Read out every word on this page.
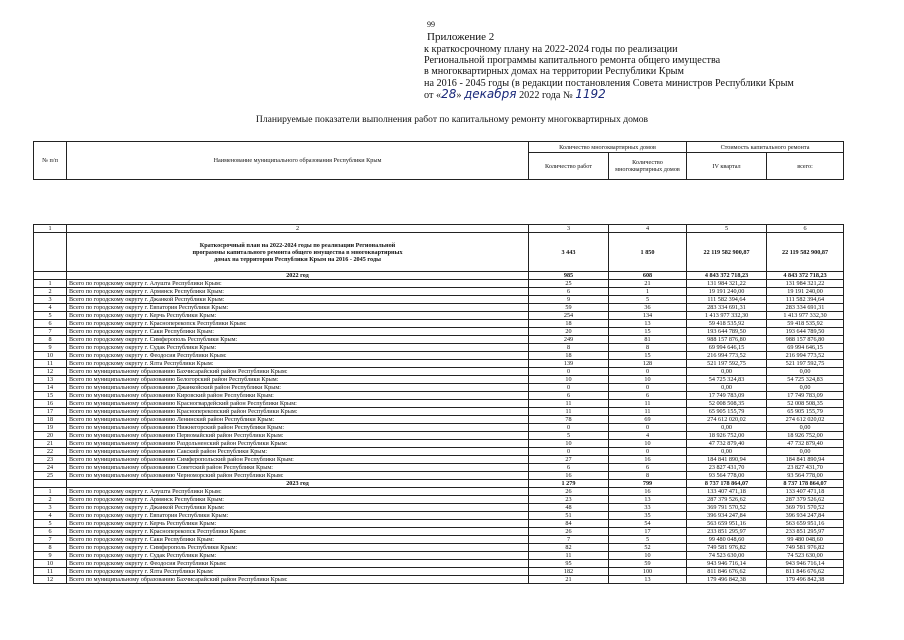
99
Приложение 2
к краткосрочному плану на 2022-2024 годы по реализации
Региональной программы капитального ремонта общего имущества
в многоквартирных домах на территории Республики Крым
на 2016 - 2045 годы (в редакции постановления Совета министров Республики Крым
от «28» декабря 2022 года № 1192
Планируемые показатели выполнения работ по капитальному ремонту многоквартирных домов
№ п/п	Наименование муниципального образования Республики Крым	Количество многоквартирных домов		Стоимость капитального ремонта	
		Количество работ	Количество многоквартирных домов	IV квартал	всего:

1	2	3	4	5	6
	Краткосрочный план на 2022-2024 годы по реализации Региональной программы капитального ремонта общего имущества в многоквартирных домах на территории Республики Крым на 2016 - 2045 годы	3 443	1 850	22 119 582 900,87	22 119 582 900,87
	2022 год	985	608	4 843 372 718,23	4 843 372 718,23
1	Всего по городскому округу г. Алушта Республики Крым:	25	21	131 984 321,22	131 984 321,22
2	Всего по городскому округу г. Армянск Республики Крым:	6	1	19 191 240,00	19 191 240,00
3	Всего по городскому округу г. Джанкой Республики Крым:	9	5	111 582 394,64	111 582 394,64
4	Всего по городскому округу г. Евпатория Республики Крым:	59	36	283 334 691,31	283 334 691,31
5	Всего по городскому округу г. Керчь Республики Крым:	254	134	1 413 977 332,30	1 413 977 332,30
6	Всего по городскому округу г. Красноперекопск Республики Крым:	18	13	59 418 535,92	59 418 535,92
7	Всего по городскому округу г. Саки Республики Крым:	20	15	193 644 789,50	193 644 789,50
8	Всего по городскому округу г. Симферополь Республики Крым:	249	81	988 157 876,80	988 157 876,80
9	Всего по городскому округу г. Судак Республики Крым:	8	8	69 994 646,15	69 994 646,15
10	Всего по городскому округу г. Феодосия Республики Крым:	18	15	216 994 773,52	216 994 773,52
11	Всего по городскому округу г. Ялта Республики Крым:	139	128	521 197 592,75	521 197 592,75
12	Всего по муниципальному образованию Бахчисарайский район Республики Крым:	0	0	0,00	0,00
13	Всего по муниципальному образованию Белогорский район Республики Крым:	10	10	54 725 324,83	54 725 324,83
14	Всего по муниципальному образованию Джанкойский район Республики Крым:	0	0	0,00	0,00
15	Всего по муниципальному образованию Кировский район Республики Крым:	6	6	17 749 783,09	17 749 783,09
16	Всего по муниципальному образованию Красногвардейский район Республики Крым:	11	11	52 008 508,35	52 008 508,35
17	Всего по муниципальному образованию Красноперекопский район Республики Крым:	11	11	65 905 155,79	65 905 155,79
18	Всего по муниципальному образованию Ленинский район Республики Крым:	78	69	274 612 020,02	274 612 020,02
19	Всего по муниципальному образованию Нижнегорский район Республики Крым:	0	0	0,00	0,00
20	Всего по муниципальному образованию Первомайский район Республики Крым:	5	4	18 926 752,00	18 926 752,00
21	Всего по муниципальному образованию Раздольненский район Республики Крым:	10	10	47 732 879,40	47 732 879,40
22	Всего по муниципальному образованию Сакский район Республики Крым:	0	0	0,00	0,00
23	Всего по муниципальному образованию Симферопольский район Республики Крым:	27	16	184 841 890,94	184 841 890,94
24	Всего по муниципальному образованию Советский район Республики Крым:	6	6	23 827 431,70	23 827 431,70
25	Всего по муниципальному образованию Черноморский район Республики Крым:	16	8	93 564 778,00	93 564 778,00
	2023 год	1 279	799	8 737 178 864,07	8 737 178 864,07
1	Всего по городскому округу г. Алушта Республики Крым:	26	16	133 407 471,18	133 407 471,18
2	Всего по городскому округу г. Армянск Республики Крым:	23	13	287 379 526,62	287 379 526,62
3	Всего по городскому округу г. Джанкой Республики Крым:	48	33	369 791 570,52	369 791 570,52
4	Всего по городскому округу г. Евпатория Республики Крым:	51	35	396 934 247,84	396 934 247,84
5	Всего по городскому округу г. Керчь Республики Крым:	84	54	563 659 951,16	563 659 951,16
6	Всего по городскому округу г. Красноперекопск Республики Крым:	26	17	233 851 295,97	233 851 295,97
7	Всего по городскому округу г. Саки Республики Крым:	7	5	99 480 048,60	99 480 048,60
8	Всего по городскому округу г. Симферополь Республики Крым:	82	52	749 581 976,82	749 581 976,82
9	Всего по городскому округу г. Судак Республики Крым:	11	10	74 523 630,00	74 523 630,00
10	Всего по городскому округу г. Феодосия Республики Крым:	95	59	943 946 716,14	943 946 716,14
11	Всего по городскому округу г. Ялта Республики Крым:	182	100	811 846 676,62	811 846 676,62
12	Всего по муниципальному образованию Бахчисарайский район Республики Крым:	21	13	179 496 842,38	179 496 842,38
